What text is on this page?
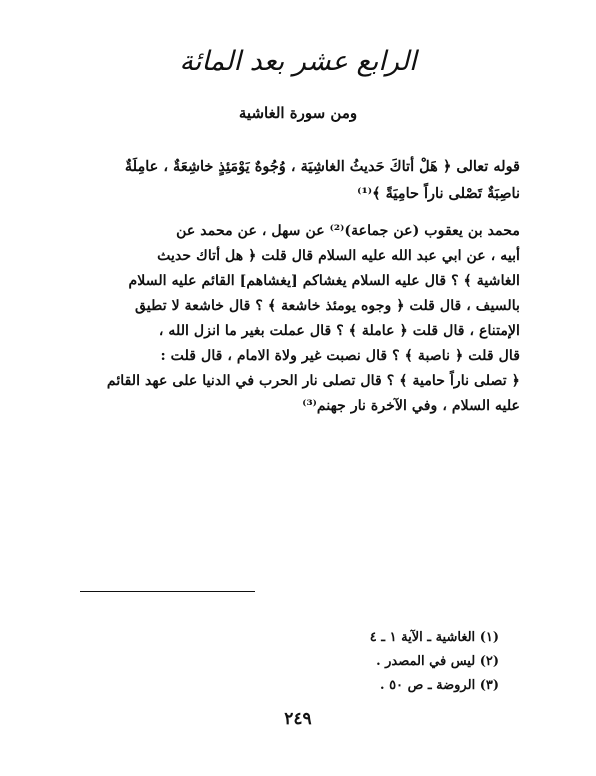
الرابع عشر بعد المائة
ومن سورة الغاشية
قوله تعالى ﴿ هَلْ أتاكَ حَديثُ الغاشِيَة ، وُجُوهٌ يَوْمَئِذٍ خاشِعَةٌ ، عامِلَةٌ
ناصِبَةٌ تَصْلى ناراً حامِيَةً ﴾⁽¹⁾
محمد بن يعقوب (عن جماعة)⁽²⁾ عن سهل ، عن محمد عن
أبيه ، عن ابي عبد الله عليه السلام قال قلت ﴿ هل أتاك حديث
الغاشية ﴾ ؟ قال عليه السلام يغشاكم [يغشاهم] القائم عليه السلام
بالسيف ، قال قلت ﴿ وجوه يومئذ خاشعة ﴾ ؟ قال خاشعة لا تطيق
الإمتناع ، قال قلت ﴿ عاملة ﴾ ؟ قال عملت بغير ما انزل الله ،
قال قلت ﴿ ناصبة ﴾ ؟ قال نصبت غير ولاة الامام ، قال قلت :
﴿ تصلى ناراً حامية ﴾ ؟ قال تصلى نار الحرب في الدنيا على عهد القائم
عليه السلام ، وفي الآخرة نار جهنم⁽³⁾
(١) الغاشية ـ الآية ١ ـ ٤
(٢) ليس في المصدر .
(٣) الروضة ـ ص ٥٠ .
٢٤٩
